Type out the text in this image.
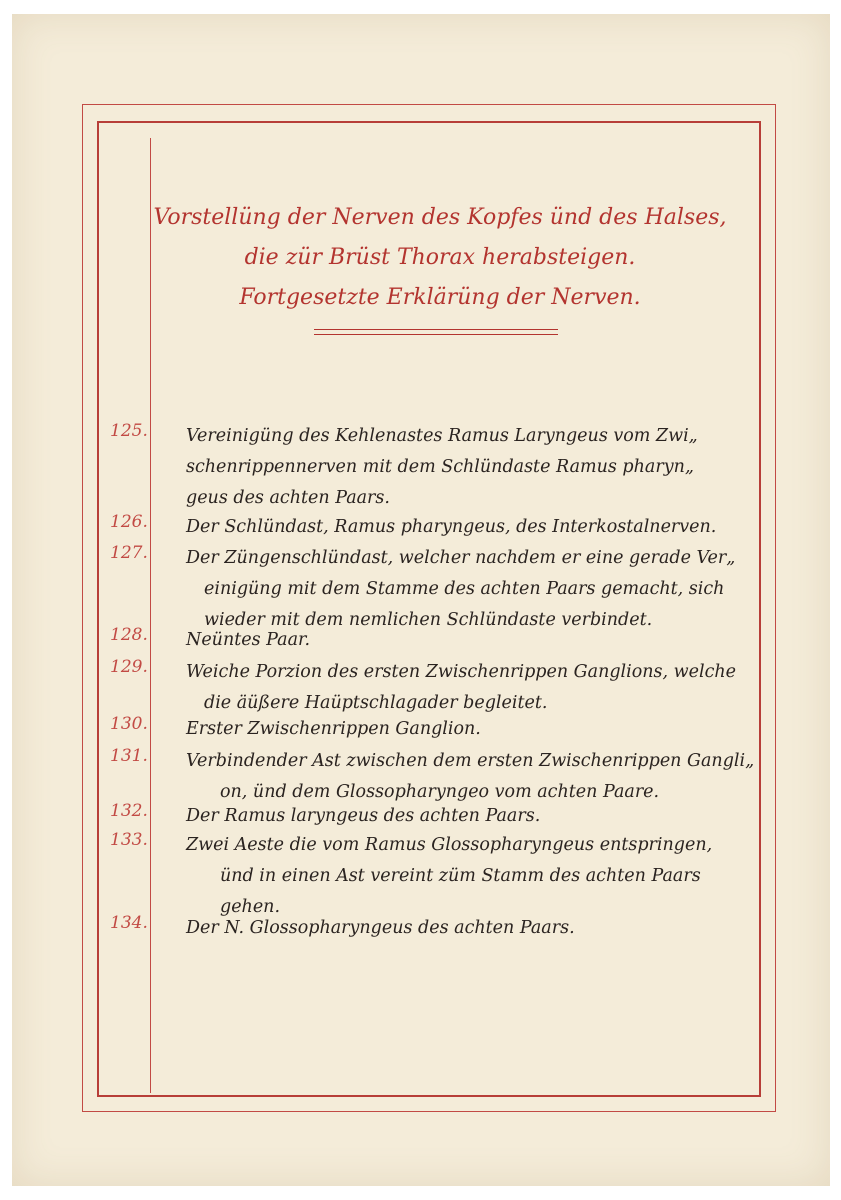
Vorstellüng der Nerven des Kopfes ünd des Halses,
die zür Brüst Thorax herabsteigen.
Fortgesetzte Erklärüng der Nerven.
125.	Vereinigüng des Kehlenastes Ramus Laryngeus vom Zwi„
schenrippennerven mit dem Schlündaste Ramus pharyn„
geus des achten Paars.
126.	Der Schlündast, Ramus pharyngeus, des Interkostalnerven.
127.	Der Züngenschlündast, welcher nachdem er eine gerade Ver„
einigüng mit dem Stamme des achten Paars gemacht, sich
wieder mit dem nemlichen Schlündaste verbindet.
128.	Neüntes Paar.
129.	Weiche Porzion des ersten Zwischenrippen Ganglions, welche
die äüßere Haüptschlagader begleitet.
130.	Erster Zwischenrippen Ganglion.
131.	Verbindender Ast zwischen dem ersten Zwischenrippen Gangli„
on, ünd dem Glossopharyngeo vom achten Paare.
132.	Der Ramus laryngeus des achten Paars.
133.	Zwei Aeste die vom Ramus Glossopharyngeus entspringen,
ünd in einen Ast vereint züm Stamm des achten Paars
gehen.
134.	Der N. Glossopharyngeus des achten Paars.
